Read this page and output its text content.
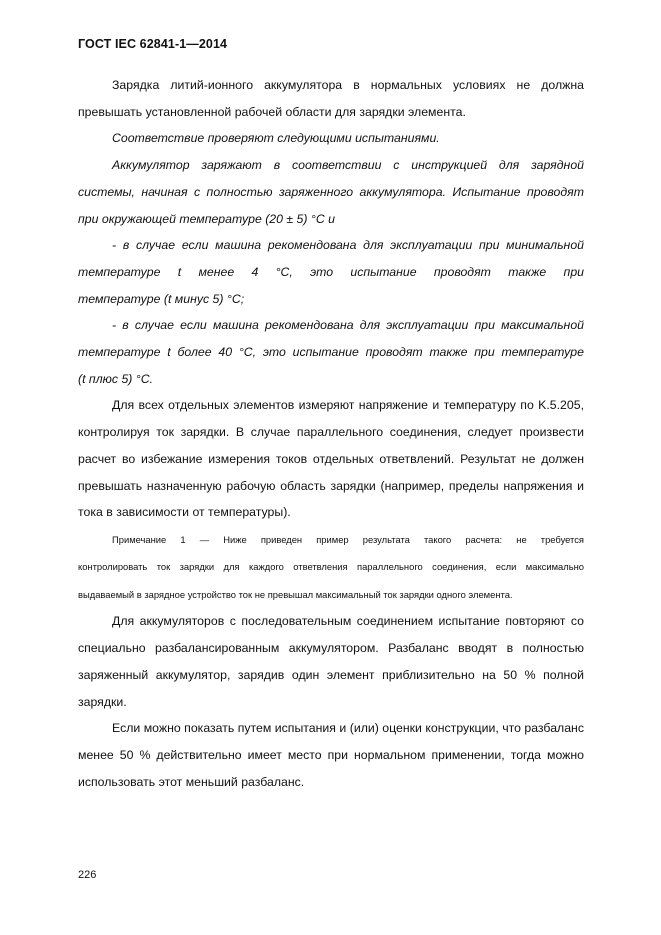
ГОСТ IEC 62841-1—2014
Зарядка литий-ионного аккумулятора в нормальных условиях не должна
превышать установленной рабочей области для зарядки элемента.
Соответствие проверяют следующими испытаниями.
Аккумулятор заряжают в соответствии с инструкцией для зарядной
системы, начиная с полностью заряженного аккумулятора. Испытание проводят
при окружающей температуре (20 ± 5) °С и
- в случае если машина рекомендована для эксплуатации при минимальной
температуре t менее 4 °С, это испытание проводят также при
температуре (t минус 5) °С;
- в случае если машина рекомендована для эксплуатации при максимальной
температуре t более 40 °С, это испытание проводят также при температуре
(t плюс 5) °С.
Для всех отдельных элементов измеряют напряжение и температуру по K.5.205,
контролируя ток зарядки. В случае параллельного соединения, следует произвести
расчет во избежание измерения токов отдельных ответвлений. Результат не должен
превышать назначенную рабочую область зарядки (например, пределы напряжения и
тока в зависимости от температуры).
Примечание 1 — Ниже приведен пример результата такого расчета: не требуется
контролировать ток зарядки для каждого ответвления параллельного соединения, если максимально
выдаваемый в зарядное устройство ток не превышал максимальный ток зарядки одного элемента.
Для аккумуляторов с последовательным соединением испытание повторяют со
специально разбалансированным аккумулятором. Разбаланс вводят в полностью
заряженный аккумулятор, зарядив один элемент приблизительно на 50 % полной
зарядки.
Если можно показать путем испытания и (или) оценки конструкции, что разбаланс
менее 50 % действительно имеет место при нормальном применении, тогда можно
использовать этот меньший разбаланс.
226
